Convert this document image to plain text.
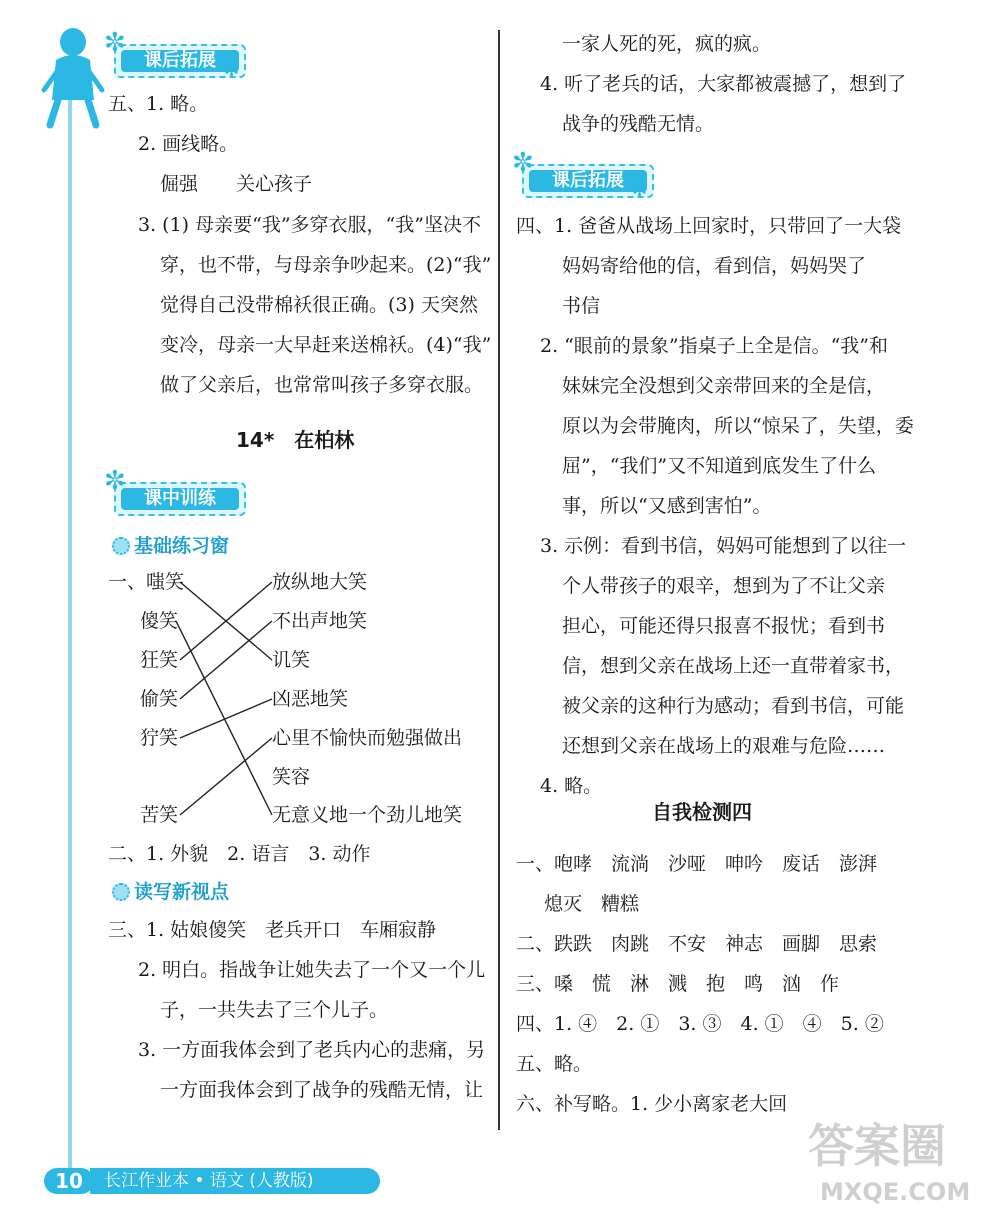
课后拓展
✼
✼
五、1. 略。
2. 画线略。
倔强　　关心孩子
3. (1) 母亲要“我”多穿衣服，“我”坚决不
穿，也不带，与母亲争吵起来。(2)“我”
觉得自己没带棉袄很正确。(3) 天突然
变冷，母亲一大早赶来送棉袄。(4)“我”
做了父亲后，也常常叫孩子多穿衣服。
14*　在柏林
课中训练
✼
基础练习窗
一、嗤笑
傻笑
狂笑
偷笑
狞笑
苦笑
放纵地大笑
不出声地笑
讥笑
凶恶地笑
心里不愉快而勉强做出
笑容
无意义地一个劲儿地笑
二、1. 外貌　2. 语言　3. 动作
读写新视点
三、1. 姑娘傻笑　老兵开口　车厢寂静
2. 明白。指战争让她失去了一个又一个儿
子，一共失去了三个儿子。
3. 一方面我体会到了老兵内心的悲痛，另
一方面我体会到了战争的残酷无情，让
一家人死的死，疯的疯。
4. 听了老兵的话，大家都被震撼了，想到了
战争的残酷无情。
课后拓展
✼
✼
四、1. 爸爸从战场上回家时，只带回了一大袋
妈妈寄给他的信，看到信，妈妈哭了
书信
2. “眼前的景象”指桌子上全是信。“我”和
妹妹完全没想到父亲带回来的全是信，
原以为会带腌肉，所以“惊呆了，失望，委
屈”，“我们”又不知道到底发生了什么
事，所以“又感到害怕”。
3. 示例：看到书信，妈妈可能想到了以往一
个人带孩子的艰辛，想到为了不让父亲
担心，可能还得只报喜不报忧；看到书
信，想到父亲在战场上还一直带着家书，
被父亲的这种行为感动；看到书信，可能
还想到父亲在战场上的艰难与危险……
4. 略。
自我检测四
一、咆哮　流淌　沙哑　呻吟　废话　澎湃
熄灭　糟糕
二、跌跌　肉跳　不安　神志　画脚　思索
三、嗓　慌　淋　溅　抱　鸣　汹　作
四、1. ④　2. ①　3. ③　4. ①　④　5. ②
五、略。
六、补写略。1. 少小离家老大回
长江作业本 • 语文 (人教版)
10
答案圈
MXQE.COM
